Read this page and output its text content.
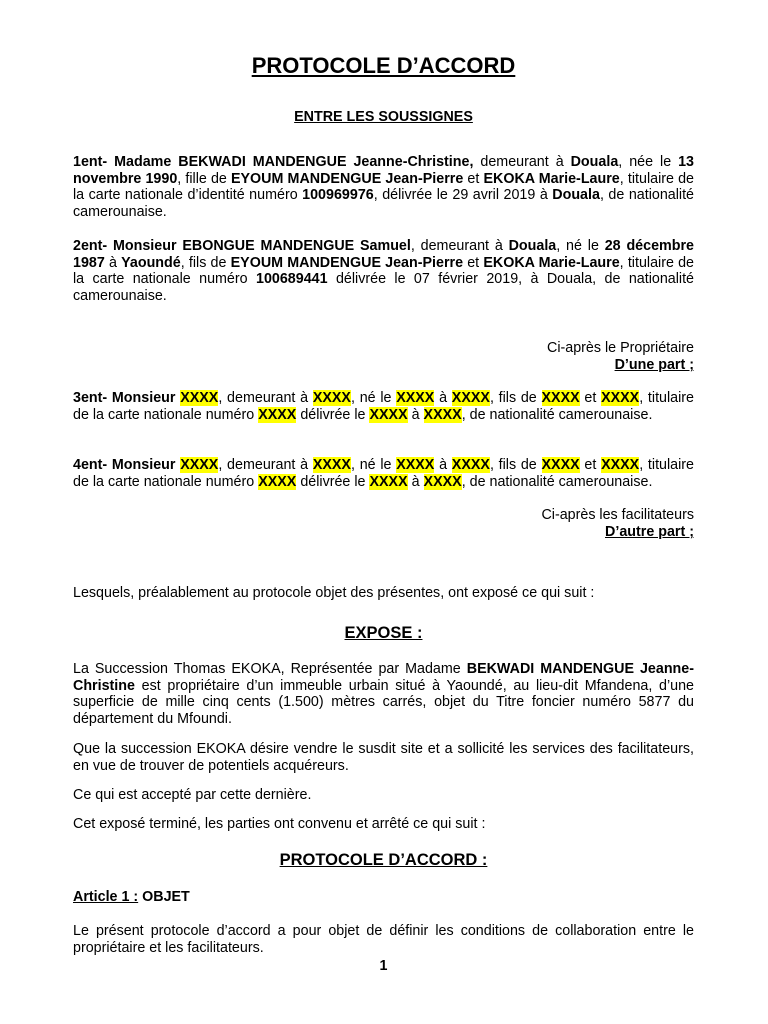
PROTOCOLE D’ACCORD
ENTRE LES SOUSSIGNES
1ent- Madame BEKWADI MANDENGUE Jeanne-Christine, demeurant à Douala, née le 13 novembre 1990, fille de EYOUM MANDENGUE Jean-Pierre et EKOKA Marie-Laure, titulaire de la carte nationale d’identité numéro 100969976, délivrée le 29 avril 2019 à Douala, de nationalité camerounaise.
2ent- Monsieur EBONGUE MANDENGUE Samuel, demeurant à Douala, né le 28 décembre 1987 à Yaoundé, fils de EYOUM MANDENGUE Jean-Pierre et EKOKA Marie-Laure, titulaire de la carte nationale numéro 100689441 délivrée le 07 février 2019, à Douala, de nationalité camerounaise.
Ci-après le Propriétaire
D’une part ;
3ent- Monsieur XXXX, demeurant à XXXX, né le XXXX à XXXX, fils de XXXX et XXXX, titulaire de la carte nationale numéro XXXX délivrée le XXXX à XXXX, de nationalité camerounaise.
4ent- Monsieur XXXX, demeurant à XXXX, né le XXXX à XXXX, fils de XXXX et XXXX, titulaire de la carte nationale numéro XXXX délivrée le XXXX à XXXX, de nationalité camerounaise.
Ci-après les facilitateurs
D’autre part ;
Lesquels, préalablement au protocole objet des présentes, ont exposé ce qui suit :
EXPOSE :
La Succession Thomas EKOKA, Représentée par Madame BEKWADI MANDENGUE Jeanne-Christine est propriétaire d’un immeuble urbain situé à Yaoundé, au lieu-dit Mfandena, d’une superficie de mille cinq cents (1.500) mètres carrés, objet du Titre foncier numéro 5877 du département du Mfoundi.
Que la succession EKOKA désire vendre le susdit site et a sollicité les services des facilitateurs, en vue de trouver de potentiels acquéreurs.
Ce qui est accepté par cette dernière.
Cet exposé terminé, les parties ont convenu et arrêté ce qui suit :
PROTOCOLE D’ACCORD :
Article 1 : OBJET
Le présent protocole d’accord a pour objet de définir les conditions de collaboration entre le propriétaire et les facilitateurs.
1
